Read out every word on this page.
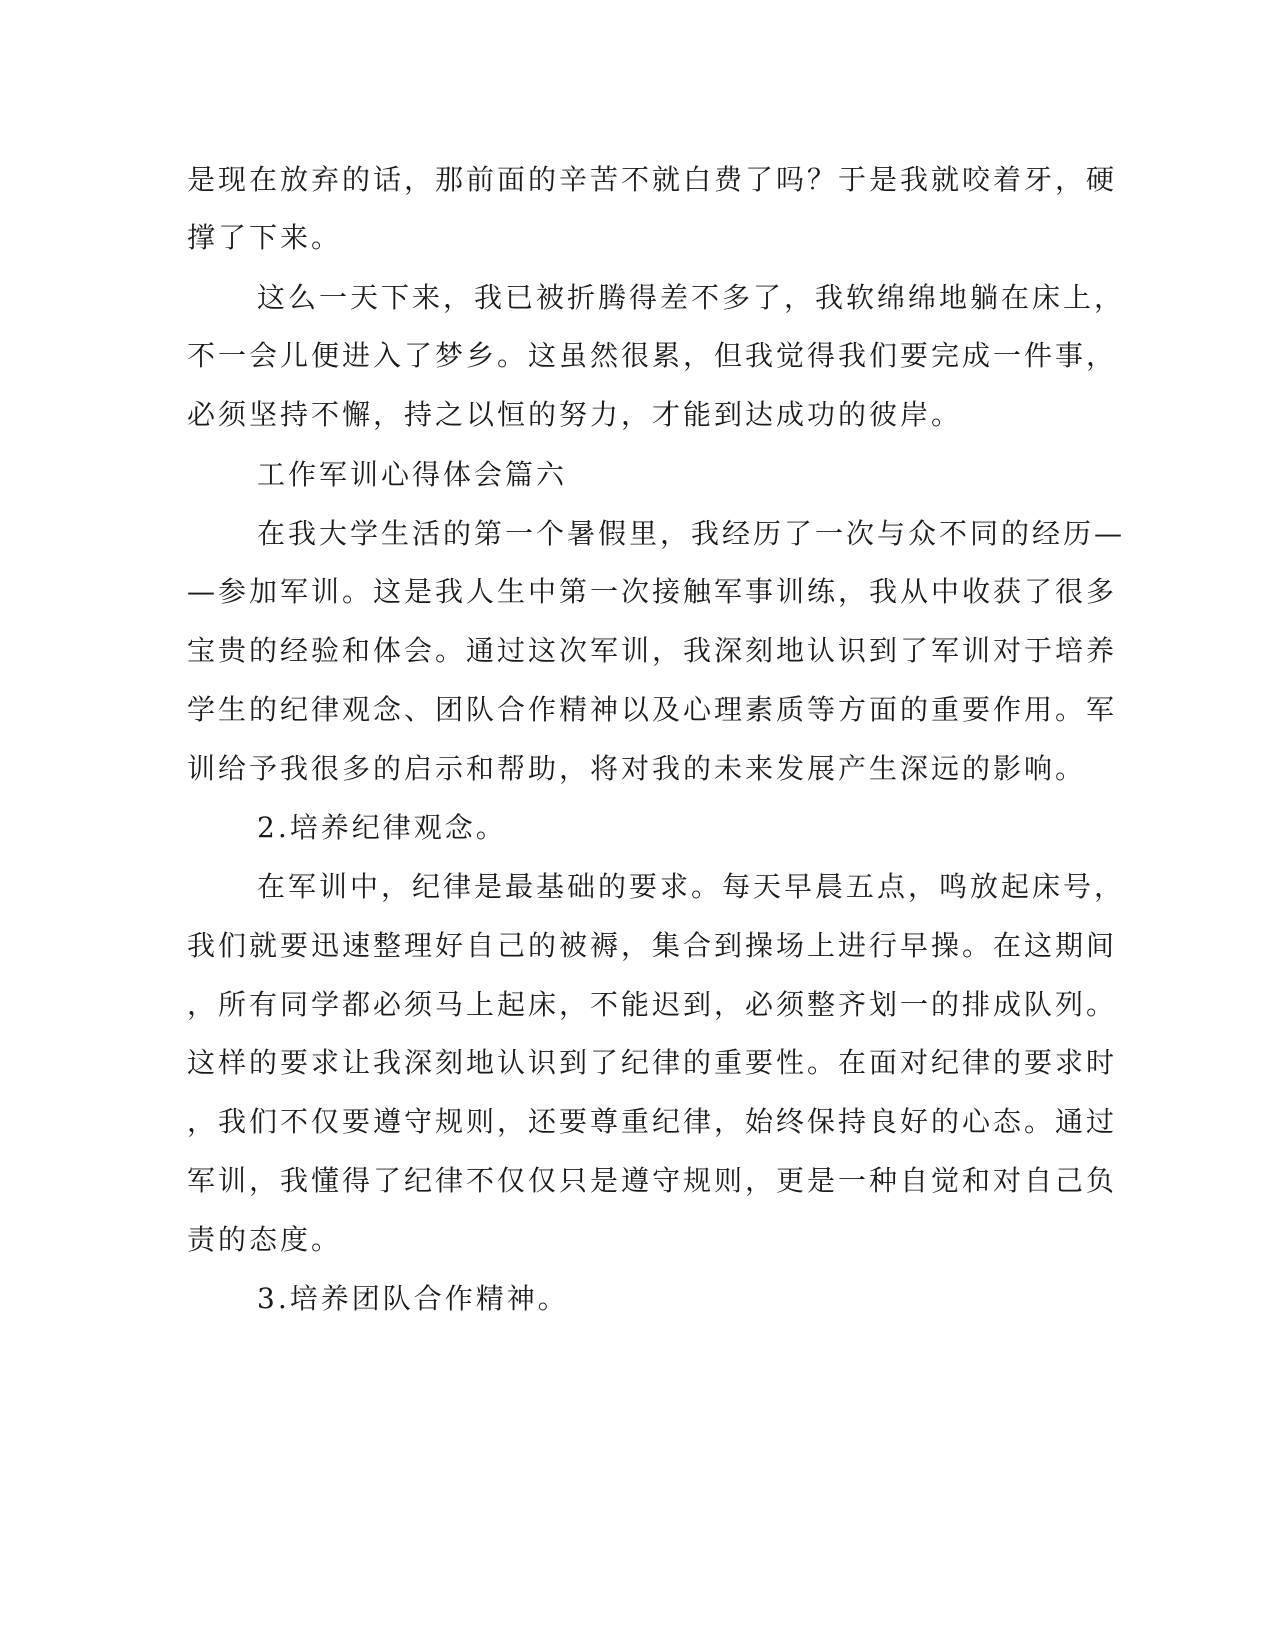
是现在放弃的话，那前面的辛苦不就白费了吗？于是我就咬着牙，硬
撑了下来。
这么一天下来，我已被折腾得差不多了，我软绵绵地躺在床上，
不一会儿便进入了梦乡。这虽然很累，但我觉得我们要完成一件事，
必须坚持不懈，持之以恒的努力，才能到达成功的彼岸。
工作军训心得体会篇六
在我大学生活的第一个暑假里，我经历了一次与众不同的经历—
—参加军训。这是我人生中第一次接触军事训练，我从中收获了很多
宝贵的经验和体会。通过这次军训，我深刻地认识到了军训对于培养
学生的纪律观念、团队合作精神以及心理素质等方面的重要作用。军
训给予我很多的启示和帮助，将对我的未来发展产生深远的影响。
2.培养纪律观念。
在军训中，纪律是最基础的要求。每天早晨五点，鸣放起床号，
我们就要迅速整理好自己的被褥，集合到操场上进行早操。在这期间
，所有同学都必须马上起床，不能迟到，必须整齐划一的排成队列。
这样的要求让我深刻地认识到了纪律的重要性。在面对纪律的要求时
，我们不仅要遵守规则，还要尊重纪律，始终保持良好的心态。通过
军训，我懂得了纪律不仅仅只是遵守规则，更是一种自觉和对自己负
责的态度。
3.培养团队合作精神。
